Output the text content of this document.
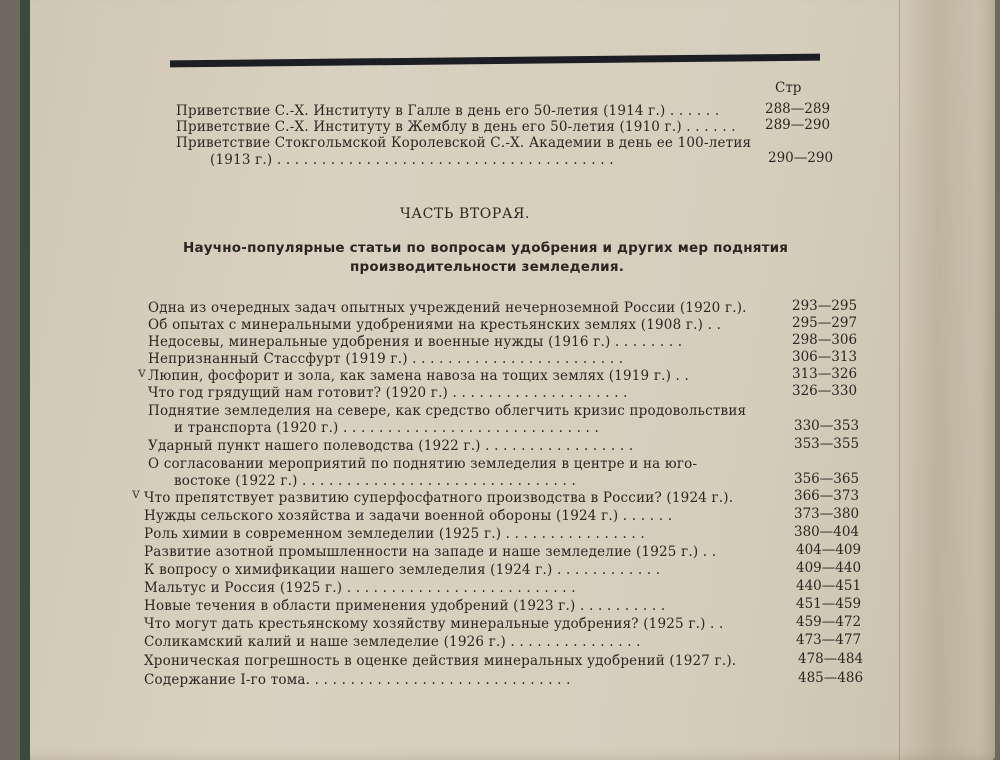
Стр
Приветствие С.-Х. Институту в Галле в день его 50-летия (1914 г.) . . . . . .	288—289
Приветствие С.-Х. Институту в Жемблу в день его 50-летия (1910 г.) . . . . . . 289—290
Приветствие Стокгольмской Королевской С.-Х. Академии в день ее 100-летия
(1913 г.) . . . . . . . . . . . . . . . . . . . . . . . . . . . . . . . . . . . . . .	290—290
ЧАСТЬ ВТОРАЯ.
Научно-популярные статьи по вопросам удобрения и других мер поднятия
производительности земледелия.
Одна из очередных задач опытных учреждений нечерноземной России (1920 г.).	293—295
Об опытах с минеральными удобрениями на крестьянских землях (1908 г.) . .	295—297
Недосевы, минеральные удобрения и военные нужды (1916 г.) . . . . . . . .	298—306
Непризнанный Стассфурт (1919 г.) . . . . . . . . . . . . . . . . . . . . . . . .	306—313
v Люпин, фосфорит и зола, как замена навоза на тощих землях (1919 г.) . .	313—326
Что год грядущий нам готовит? (1920 г.) . . . . . . . . . . . . . . . . . . . .	326—330
Поднятие земледелия на севере, как средство облегчить кризис продовольствия
и транспорта (1920 г.) . . . . . . . . . . . . . . . . . . . . . . . . . . . . .	330—353
Ударный пункт нашего полеводства (1922 г.) . . . . . . . . . . . . . . . . .	353—355
О согласовании мероприятий по поднятию земледелия в центре и на юго-
востоке (1922 г.) . . . . . . . . . . . . . . . . . . . . . . . . . . . . . . .	356—365
v Что препятствует развитию суперфосфатного производства в России? (1924 г.).	366—373
Нужды сельского хозяйства и задачи военной обороны (1924 г.) . . . . . .	373—380
Роль химии в современном земледелии (1925 г.) . . . . . . . . . . . . . . . .	380—404
Развитие азотной промышленности на западе и наше земледелие (1925 г.) . .	404—409
К вопросу о химификации нашего земледелия (1924 г.) . . . . . . . . . . . .	409—440
Мальтус и Россия (1925 г.) . . . . . . . . . . . . . . . . . . . . . . . . . .	440—451
Новые течения в области применения удобрений (1923 г.) . . . . . . . . . .	451—459
Что могут дать крестьянскому хозяйству минеральные удобрения? (1925 г.) . .	459—472
Соликамский калий и наше земледелие (1926 г.) . . . . . . . . . . . . . . .	473—477
Хроническая погрешность в оценке действия минеральных удобрений (1927 г.).	478—484
Содержание I-го тома. . . . . . . . . . . . . . . . . . . . . . . . . . . . . .	485—486
